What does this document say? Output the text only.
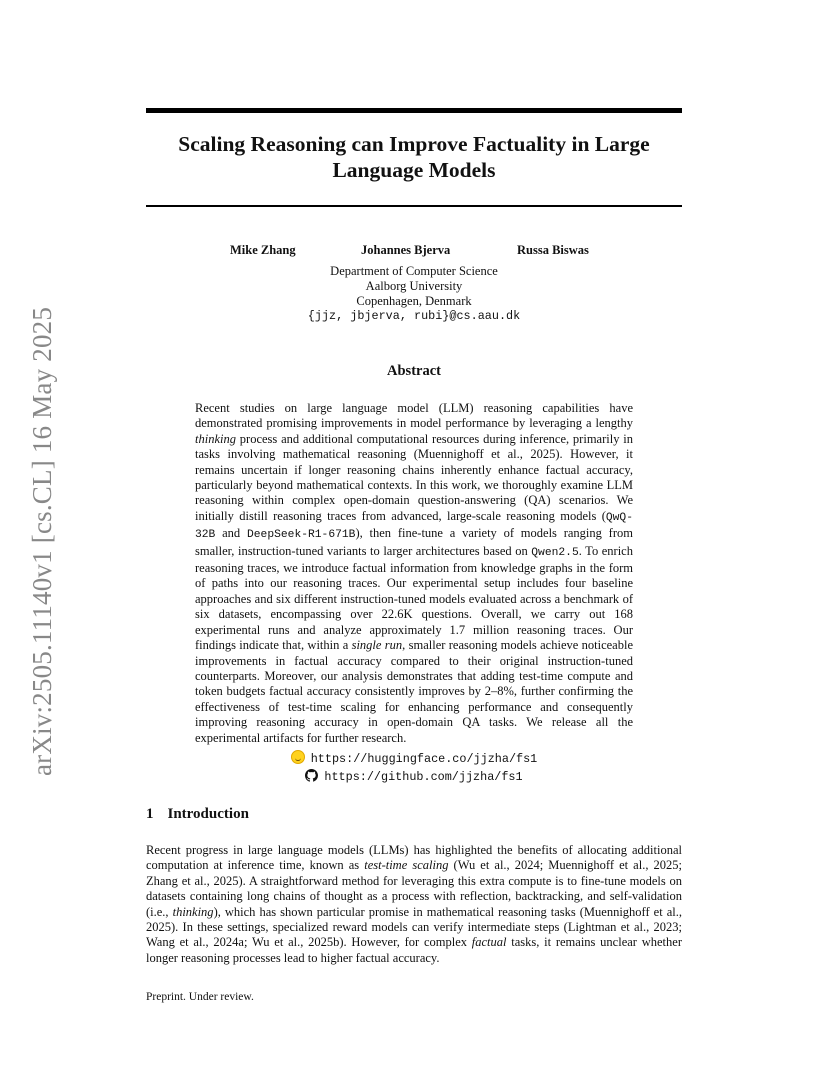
arXiv:2505.11140v1 [cs.CL] 16 May 2025
Scaling Reasoning can Improve Factuality in Large Language Models
Mike Zhang	Johannes Bjerva	Russa Biswas
Department of Computer Science
Aalborg University
Copenhagen, Denmark
{jjz, jbjerva, rubi}@cs.aau.dk
Abstract
Recent studies on large language model (LLM) reasoning capabilities have demonstrated promising improvements in model performance by leveraging a lengthy thinking process and additional computational resources during inference, primarily in tasks involving mathematical reasoning (Muennighoff et al., 2025). However, it remains uncertain if longer reasoning chains inherently enhance factual accuracy, particularly beyond mathematical contexts. In this work, we thoroughly examine LLM reasoning within complex open-domain question-answering (QA) scenarios. We initially distill reasoning traces from advanced, large-scale reasoning models (QwQ-32B and DeepSeek-R1-671B), then fine-tune a variety of models ranging from smaller, instruction-tuned variants to larger architectures based on Qwen2.5. To enrich reasoning traces, we introduce factual information from knowledge graphs in the form of paths into our reasoning traces. Our experimental setup includes four baseline approaches and six different instruction-tuned models evaluated across a benchmark of six datasets, encompassing over 22.6K questions. Overall, we carry out 168 experimental runs and analyze approximately 1.7 million reasoning traces. Our findings indicate that, within a single run, smaller reasoning models achieve noticeable improvements in factual accuracy compared to their original instruction-tuned counterparts. Moreover, our analysis demonstrates that adding test-time compute and token budgets factual accuracy consistently improves by 2–8%, further confirming the effectiveness of test-time scaling for enhancing performance and consequently improving reasoning accuracy in open-domain QA tasks. We release all the experimental artifacts for further research.
https://huggingface.co/jjzha/fs1
https://github.com/jjzha/fs1
1 Introduction
Recent progress in large language models (LLMs) has highlighted the benefits of allocating additional computation at inference time, known as test-time scaling (Wu et al., 2024; Muennighoff et al., 2025; Zhang et al., 2025). A straightforward method for leveraging this extra compute is to fine-tune models on datasets containing long chains of thought as a process with reflection, backtracking, and self-validation (i.e., thinking), which has shown particular promise in mathematical reasoning tasks (Muennighoff et al., 2025). In these settings, specialized reward models can verify intermediate steps (Lightman et al., 2023; Wang et al., 2024a; Wu et al., 2025b). However, for complex factual tasks, it remains unclear whether longer reasoning processes lead to higher factual accuracy.
Preprint. Under review.
